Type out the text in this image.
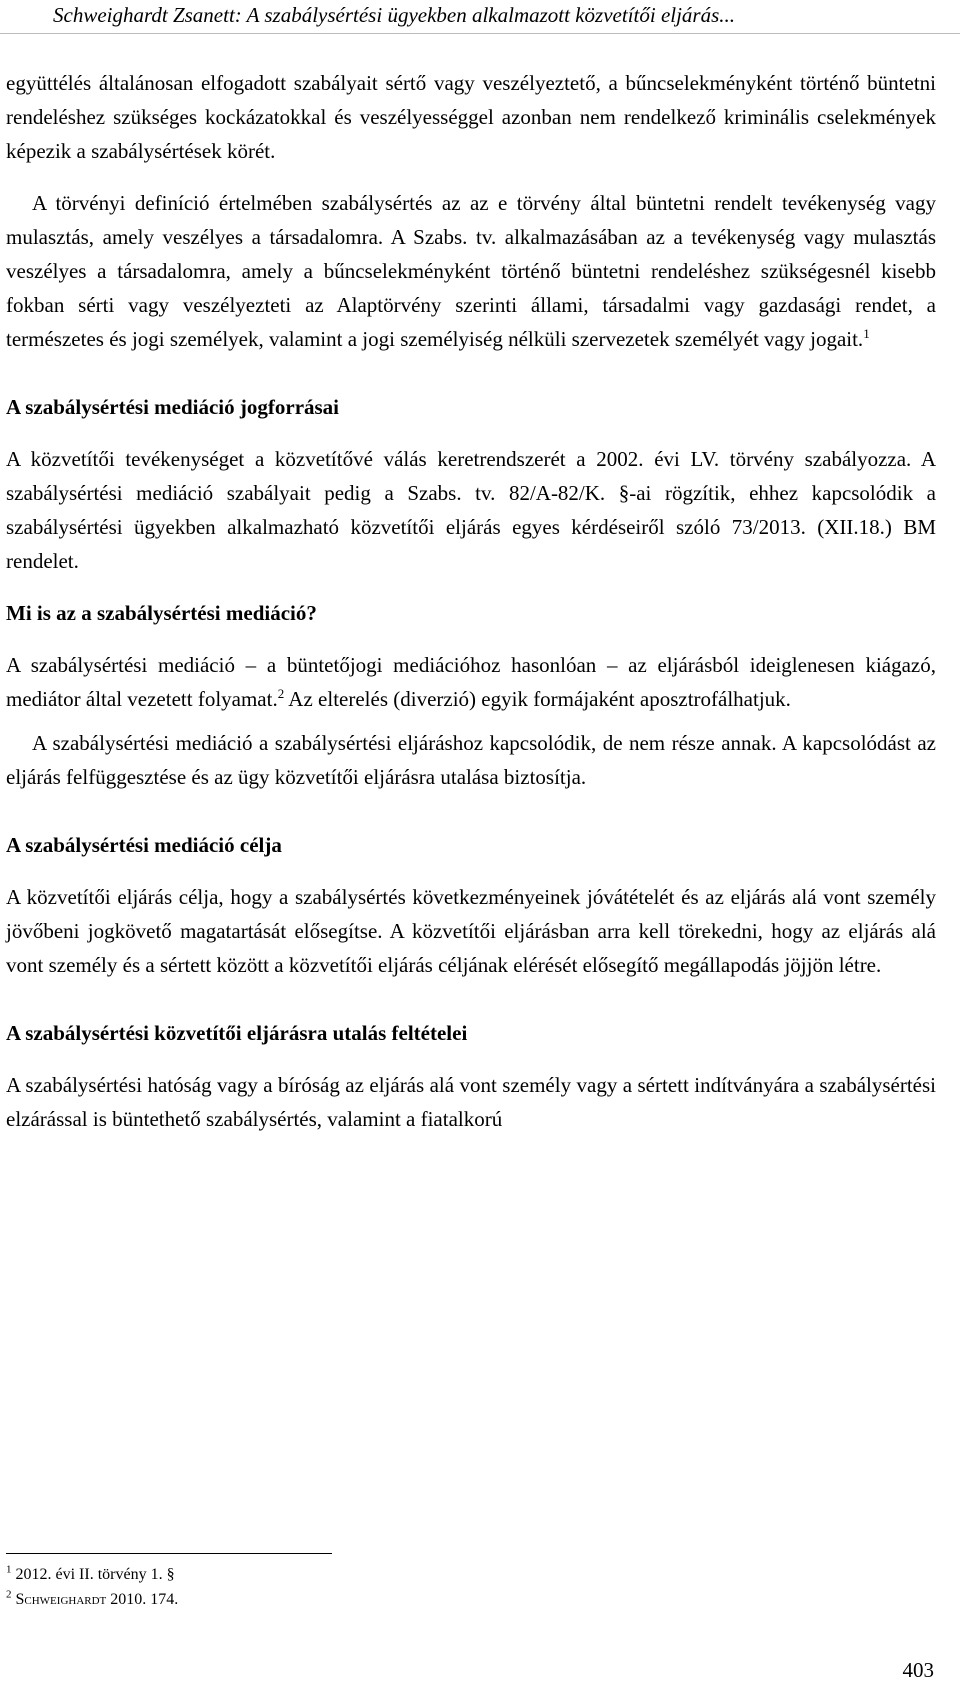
Schweighardt Zsanett: A szabálysértési ügyekben alkalmazott közvetítői eljárás...

együttélés általánosan elfogadott szabályait sértő vagy veszélyeztető, a bűncselekményként történő büntetni rendeléshez szükséges kockázatokkal és veszélyességgel azonban nem rendelkező kriminális cselekmények képezik a szabálysértések körét.

A törvényi definíció értelmében szabálysértés az az e törvény által büntetni rendelt tevékenység vagy mulasztás, amely veszélyes a társadalomra. A Szabs. tv. alkalmazásában az a tevékenység vagy mulasztás veszélyes a társadalomra, amely a bűncselekményként történő büntetni rendeléshez szükségesnél kisebb fokban sérti vagy veszélyezteti az Alaptörvény szerinti állami, társadalmi vagy gazdasági rendet, a természetes és jogi személyek, valamint a jogi személyiség nélküli szervezetek személyét vagy jogait.$^1$

A szabálysértési mediáció jogforrásai

A közvetítői tevékenységet a közvetítővé válás keretrendszerét a 2002. évi LV. törvény szabályozza. A szabálysértési mediáció szabályait pedig a Szabs. tv. 82/A-82/K. §-ai rögzítik, ehhez kapcsolódik a szabálysértési ügyekben alkalmazható közvetítői eljárás egyes kérdéseiről szóló 73/2013. (XII.18.) BM rendelet.

Mi is az a szabálysértési mediáció?

A szabálysértési mediáció – a büntetőjogi mediációhoz hasonlóan – az eljárásból ideiglenesen kiágazó, mediátor által vezetett folyamat.$^2$ Az elterelés (diverzió) egyik formájaként aposztrofálhatjuk.

A szabálysértési mediáció a szabálysértési eljáráshoz kapcsolódik, de nem része annak. A kapcsolódást az eljárás felfüggesztése és az ügy közvetítői eljárásra utalása biztosítja.

A szabálysértési mediáció célja

A közvetítői eljárás célja, hogy a szabálysértés következményeinek jóvátételét és az eljárás alá vont személy jövőbeni jogkövető magatartását elősegítse. A közvetítői eljárásban arra kell törekedni, hogy az eljárás alá vont személy és a sértett között a közvetítői eljárás céljának elérését elősegítő megállapodás jöjjön létre.

A szabálysértési közvetítői eljárásra utalás feltételei

A szabálysértési hatóság vagy a bíróság az eljárás alá vont személy vagy a sértett indítványára a szabálysértési elzárással is büntethető szabálysértés, valamint a fiatalkorú

$^1$ 2012. évi II. törvény 1. §

$^2$ Schweighardt 2010. 174.

403
